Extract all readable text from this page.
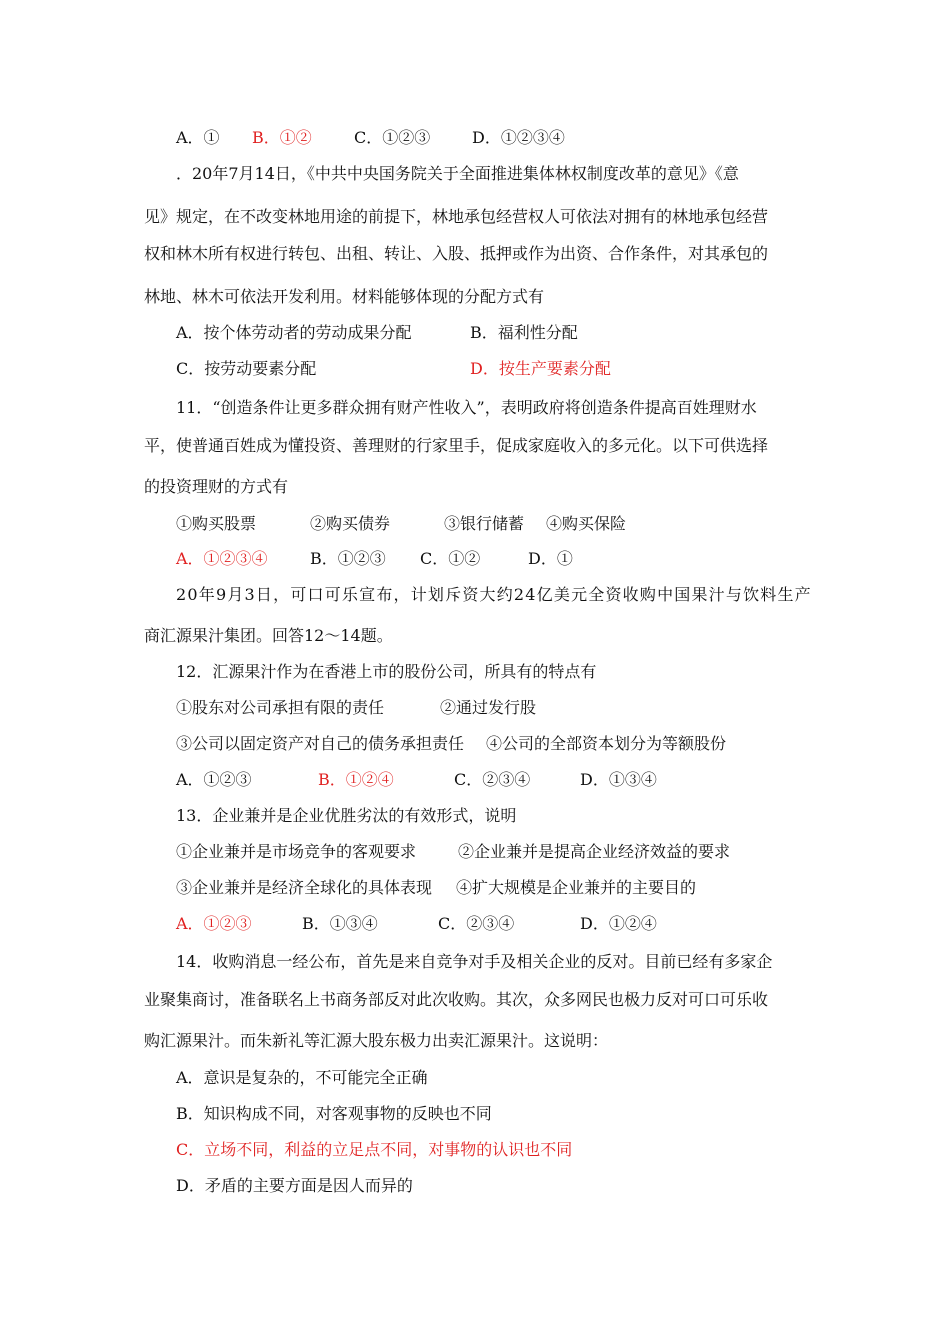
A．① B．①②	C．①②③	D．①②③④
．20年7月14日，《中共中央国务院关于全面推进集体林权制度改革的意见》《意
见》规定，在不改变林地用途的前提下，林地承包经营权人可依法对拥有的林地承包经营
权和林木所有权进行转包、出租、转让、入股、抵押或作为出资、合作条件，对其承包的
林地、林木可依法开发利用。材料能够体现的分配方式有
A．按个体劳动者的劳动成果分配	B．福利性分配
C．按劳动要素分配	D．按生产要素分配
11．“创造条件让更多群众拥有财产性收入”，表明政府将创造条件提高百姓理财水
平，使普通百姓成为懂投资、善理财的行家里手，促成家庭收入的多元化。以下可供选择
的投资理财的方式有
①购买股票	②购买债券	③银行储蓄 ④购买保险
A．①②③④	B．①②③ C．①②	D．①
20年9月3日，可口可乐宣布，计划斥资大约24亿美元全资收购中国果汁与饮料生产
商汇源果汁集团。回答12～14题。
12．汇源果汁作为在香港上市的股份公司，所具有的特点有
①股东对公司承担有限的责任	②通过发行股
③公司以固定资产对自己的债务承担责任 ④公司的全部资本划分为等额股份
A．①②③	B．①②④	C．②③④	D．①③④
13．企业兼并是企业优胜劣汰的有效形式，说明
①企业兼并是市场竞争的客观要求	②企业兼并是提高企业经济效益的要求
③企业兼并是经济全球化的具体表现 ④扩大规模是企业兼并的主要目的
A．①②③	B．①③④	C．②③④	D．①②④
14．收购消息一经公布，首先是来自竞争对手及相关企业的反对。目前已经有多家企
业聚集商讨，准备联名上书商务部反对此次收购。其次，众多网民也极力反对可口可乐收
购汇源果汁。而朱新礼等汇源大股东极力出卖汇源果汁。这说明：
A．意识是复杂的，不可能完全正确
B．知识构成不同，对客观事物的反映也不同
C．立场不同，利益的立足点不同，对事物的认识也不同
D．矛盾的主要方面是因人而异的
